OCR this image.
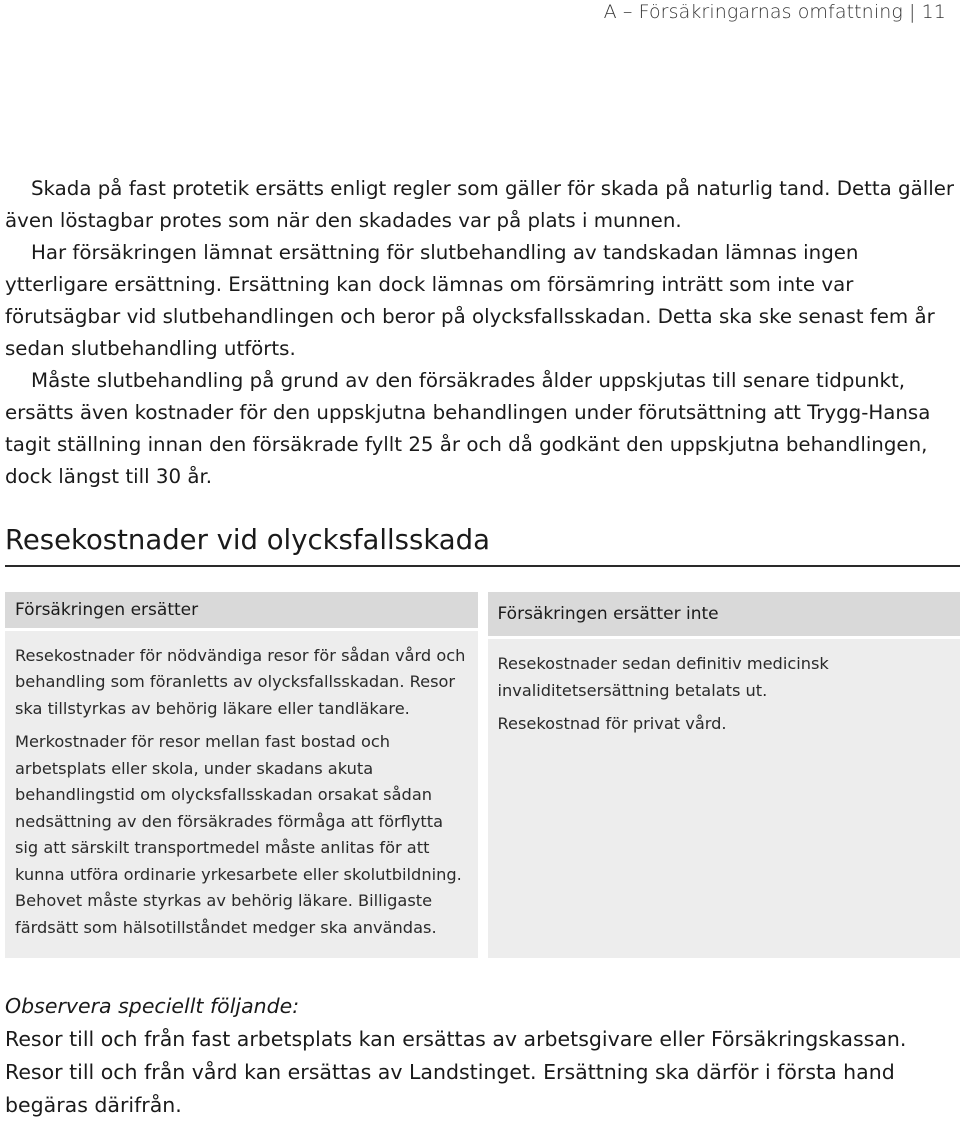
A – Försäkringarnas omfattning | 11

Skada på fast protetik ersätts enligt regler som gäller för skada på naturlig tand. Detta gäller även löstagbar protes som när den skadades var på plats i munnen.

Har försäkringen lämnat ersättning för slutbehandling av tandskadan lämnas ingen ytterligare ersättning. Ersättning kan dock lämnas om försämring inträtt som inte var förutsägbar vid slutbehandlingen och beror på olycksfallsskadan. Detta ska ske senast fem år sedan slutbehandling utförts.

Måste slutbehandling på grund av den försäkrades ålder uppskjutas till senare tidpunkt, ersätts även kostnader för den uppskjutna behandlingen under förutsättning att Trygg-Hansa tagit ställning innan den försäkrade fyllt 25 år och då godkänt den uppskjutna behandlingen, dock längst till 30 år.

Resekostnader vid olycksfallsskada
Försäkringen ersätter

Resekostnader för nödvändiga resor för sådan vård och behandling som föranletts av olycksfallsskadan. Resor ska tillstyrkas av behörig läkare eller tandläkare.

Merkostnader för resor mellan fast bostad och arbetsplats eller skola, under skadans akuta behandlingstid om olycksfallsskadan orsakat sådan nedsättning av den försäkrades förmåga att förflytta sig att särskilt transportmedel måste anlitas för att kunna utföra ordinarie yrkesarbete eller skolutbildning. Behovet måste styrkas av behörig läkare. Billigaste färdsätt som hälsotillståndet medger ska användas.

Försäkringen ersätter inte

Resekostnader sedan definitiv medicinsk invaliditetsersättning betalats ut.

Resekostnad för privat vård.

Observera speciellt följande:
Resor till och från fast arbetsplats kan ersättas av arbetsgivare eller Försäkringskassan. Resor till och från vård kan ersättas av Landstinget. Ersättning ska därför i första hand begäras därifrån.
